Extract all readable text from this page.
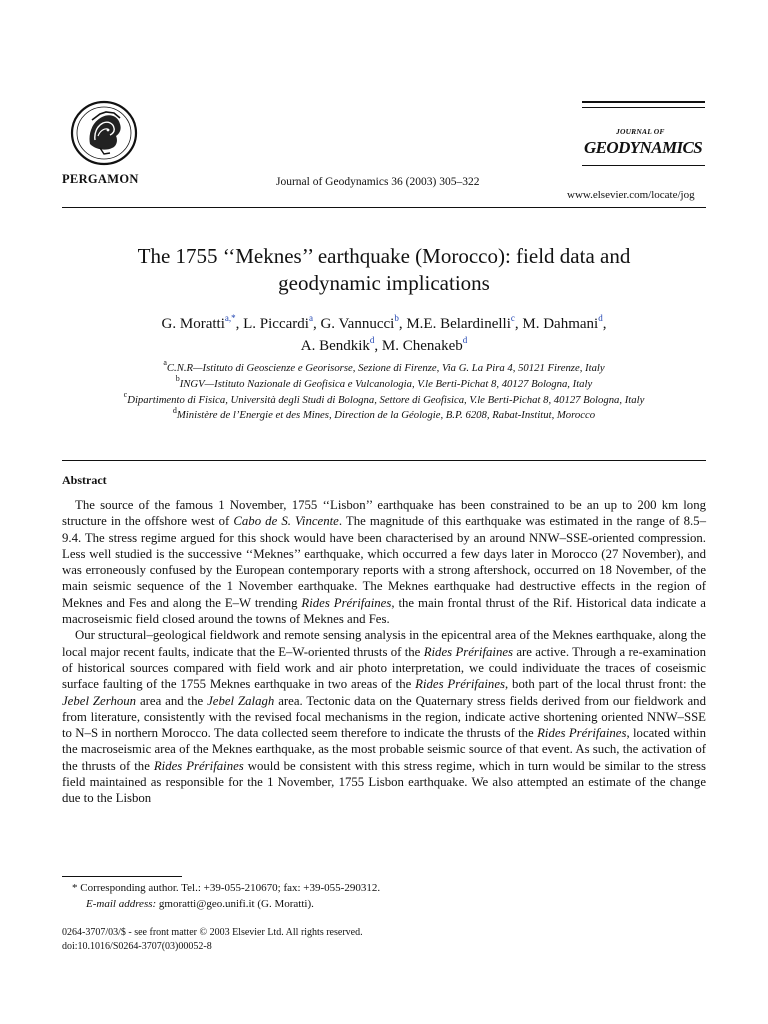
PERGAMON	Journal of Geodynamics 36 (2003) 305–322
JOURNAL OF
GEODYNAMICS
www.elsevier.com/locate/jog
The 1755 ‘‘Meknes’’ earthquake (Morocco): field data and
geodynamic implications
G. Moratti$^{a,*}$, L. Piccardi$^a$, G. Vannucci$^b$, M.E. Belardinelli$^c$, M. Dahmani$^d$,
A. Bendkik$^d$, M. Chenakeb$^d$
$^a$C.N.R—Istituto di Geoscienze e Georisorse, Sezione di Firenze, Via G. La Pira 4, 50121 Firenze, Italy
$^b$INGV—Istituto Nazionale di Geofisica e Vulcanologia, V.le Berti-Pichat 8, 40127 Bologna, Italy
$^c$Dipartimento di Fisica, Università degli Studi di Bologna, Settore di Geofisica, V.le Berti-Pichat 8, 40127 Bologna, Italy
$^d$Ministère de l’Energie et des Mines, Direction de la Géologie, B.P. 6208, Rabat-Institut, Morocco
Abstract

The source of the famous 1 November, 1755 ‘‘Lisbon’’ earthquake has been constrained to be an up to 200 km long structure in the offshore west of Cabo de S. Vincente. The magnitude of this earthquake was estimated in the range of 8.5–9.4. The stress regime argued for this shock would have been characterised by an around NNW–SSE-oriented compression. Less well studied is the successive ‘‘Meknes’’ earthquake, which occurred a few days later in Morocco (27 November), and was erroneously confused by the European contemporary reports with a strong aftershock, occurred on 18 November, of the main seismic sequence of the 1 November earthquake. The Meknes earthquake had destructive effects in the region of Meknes and Fes and along the E–W trending Rides Prérifaines, the main frontal thrust of the Rif. Historical data indicate a macroseismic field closed around the towns of Meknes and Fes.

Our structural–geological fieldwork and remote sensing analysis in the epicentral area of the Meknes earthquake, along the local major recent faults, indicate that the E–W-oriented thrusts of the Rides Prérifaines are active. Through a re-examination of historical sources compared with field work and air photo interpretation, we could individuate the traces of coseismic surface faulting of the 1755 Meknes earthquake in two areas of the Rides Prérifaines, both part of the local thrust front: the Jebel Zerhoun area and the Jebel Zalagh area. Tectonic data on the Quaternary stress fields derived from our fieldwork and from literature, consistently with the revised focal mechanisms in the region, indicate active shortening oriented NNW–SSE to N–S in northern Morocco. The data collected seem therefore to indicate the thrusts of the Rides Prérifaines, located within the macroseismic area of the Meknes earthquake, as the most probable seismic source of that event. As such, the activation of the thrusts of the Rides Prérifaines would be consistent with this stress regime, which in turn would be similar to the stress field maintained as responsible for the 1 November, 1755 Lisbon earthquake. We also attempted an estimate of the change due to the Lisbon

* Corresponding author. Tel.: +39-055-210670; fax: +39-055-290312.
E-mail address: gmoratti@geo.unifi.it (G. Moratti).
0264-3707/03/$ - see front matter © 2003 Elsevier Ltd. All rights reserved.
doi:10.1016/S0264-3707(03)00052-8
